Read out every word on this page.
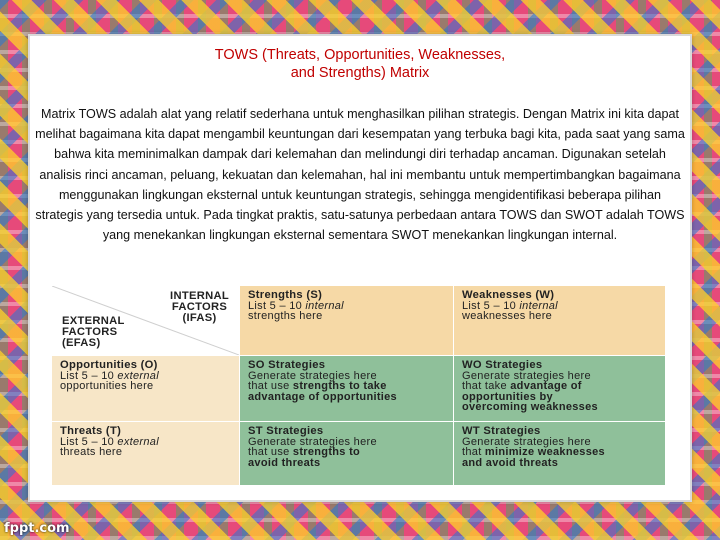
TOWS (Threats, Opportunities, Weaknesses,
and Strengths) Matrix
Matrix TOWS adalah alat yang relatif sederhana untuk menghasilkan pilihan strategis. Dengan Matrix ini kita dapat melihat bagaimana kita dapat mengambil keuntungan dari kesempatan yang terbuka bagi kita, pada saat yang sama bahwa kita meminimalkan dampak dari kelemahan dan melindungi diri terhadap ancaman. Digunakan setelah analisis rinci ancaman, peluang, kekuatan dan kelemahan, hal ini membantu untuk mempertimbangkan bagaimana menggunakan lingkungan eksternal untuk keuntungan strategis, sehingga mengidentifikasi beberapa pilihan strategis yang tersedia untuk. Pada tingkat praktis, satu-satunya perbedaan antara TOWS dan SWOT adalah TOWS yang menekankan lingkungan eksternal sementara SWOT menekankan lingkungan internal.
INTERNAL
FACTORS
(IFAS)
EXTERNAL
FACTORS
(EFAS)
Strengths (S)
List 5 – 10 internal
strengths here
Weaknesses (W)
List 5 – 10 internal
weaknesses here
Opportunities (O)
List 5 – 10 external
opportunities here
SO Strategies
Generate strategies here
that use strengths to take
advantage of opportunities
WO Strategies
Generate strategies here
that take advantage of
opportunities by
overcoming weaknesses
Threats (T)
List 5 – 10 external
threats here
ST Strategies
Generate strategies here
that use strengths to
avoid threats
WT Strategies
Generate strategies here
that minimize weaknesses
and avoid threats
fppt.com
